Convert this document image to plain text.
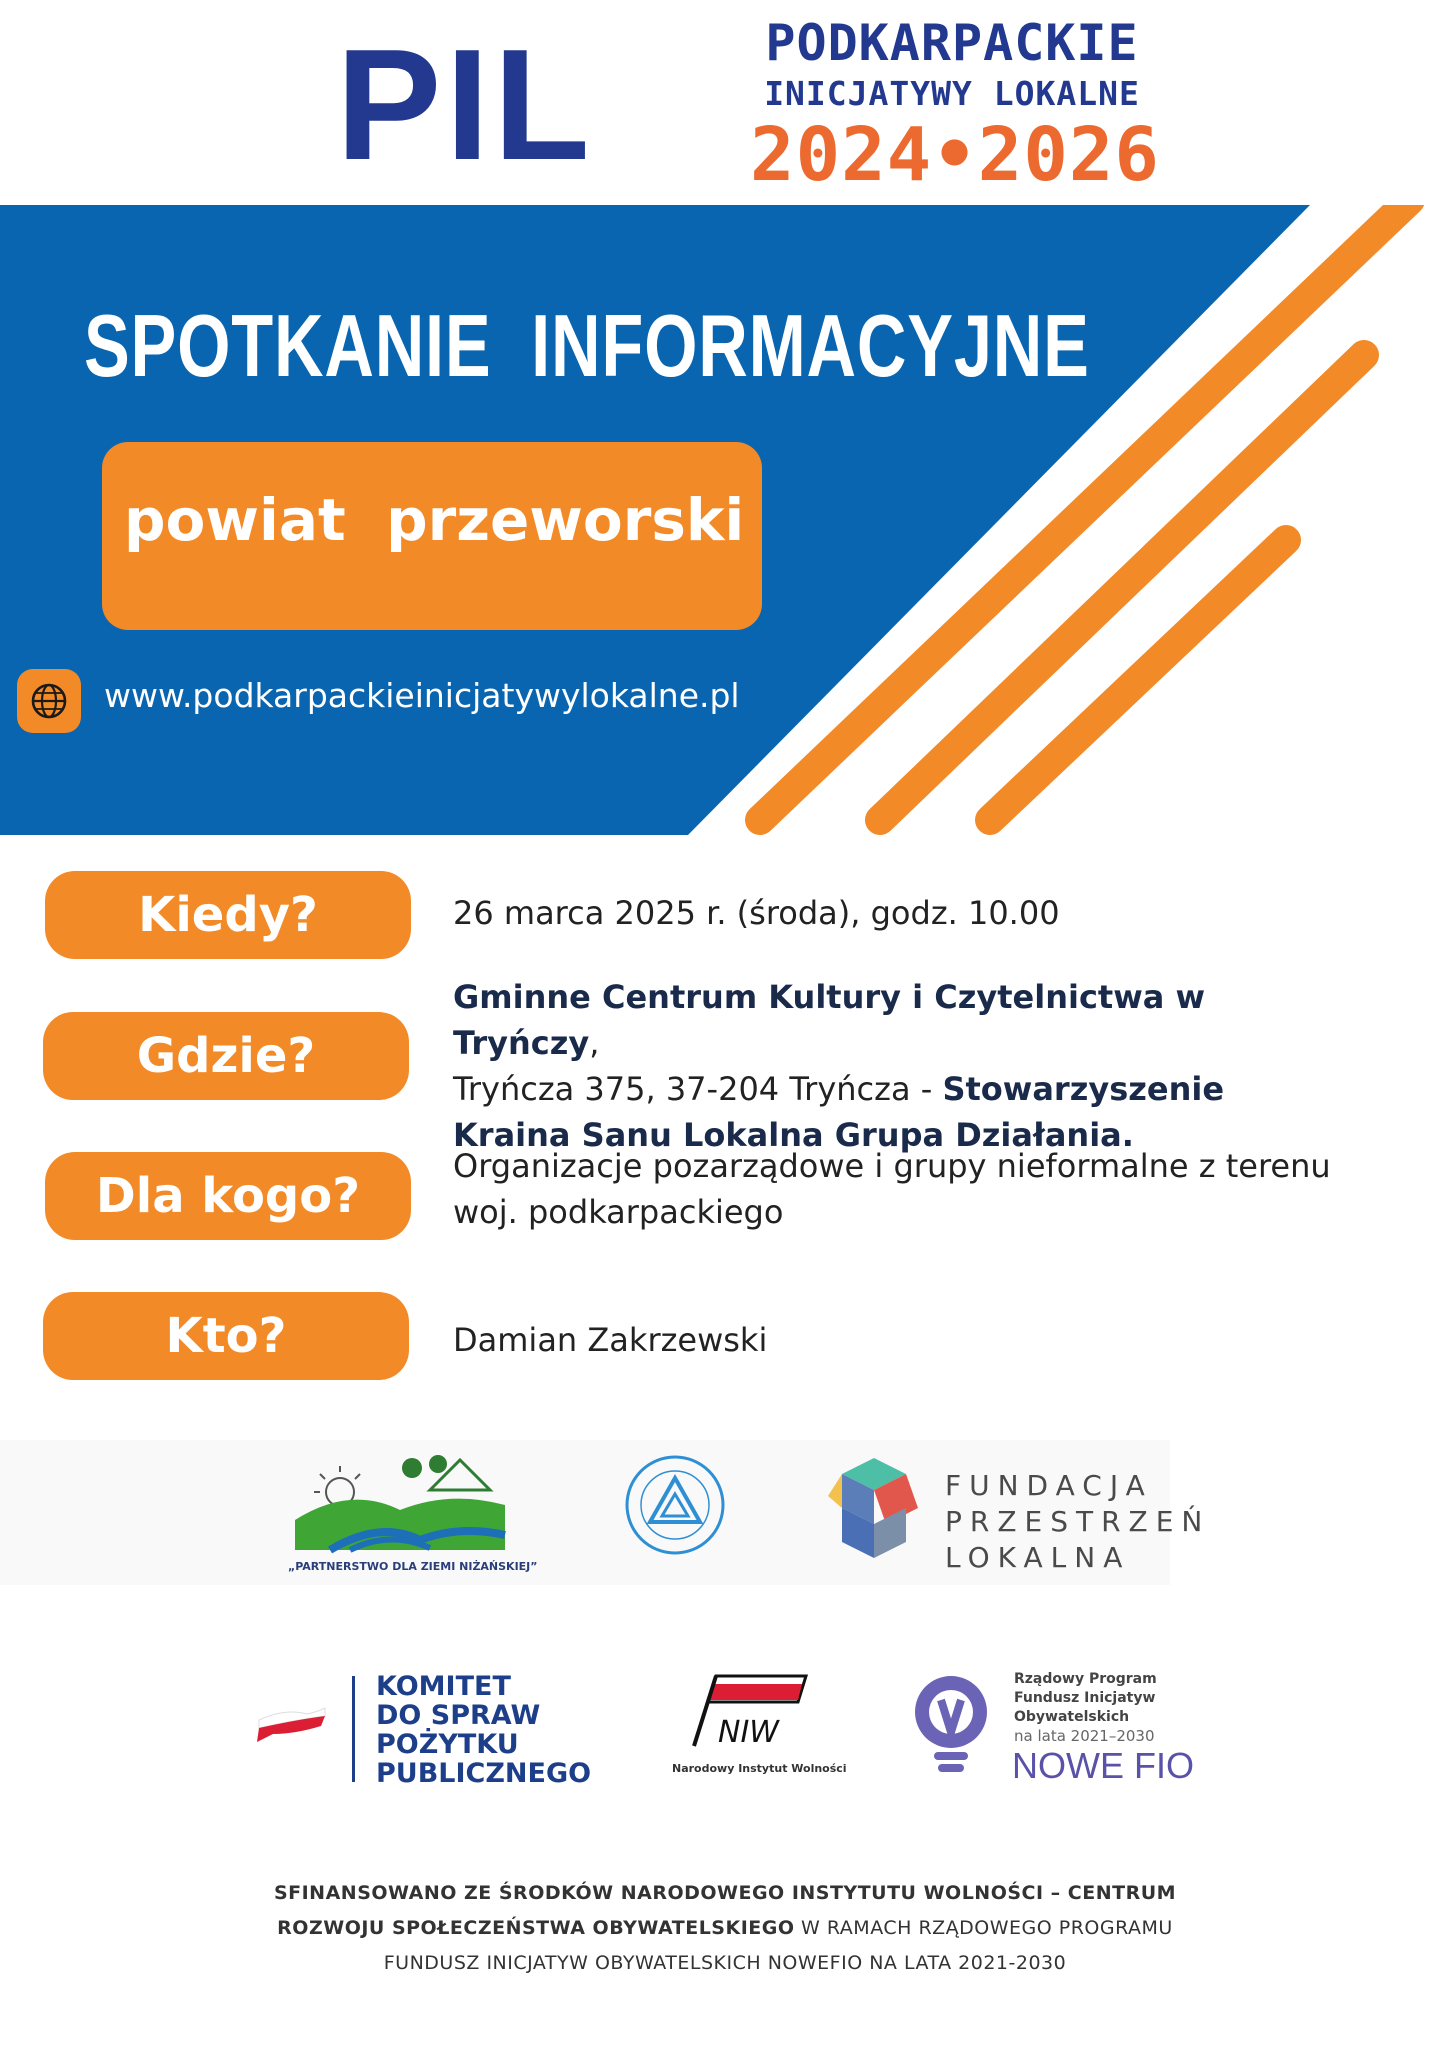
PIL	PODKARPACKIE
INICJATYWY LOKALNE
2024•2026
SPOTKANIE  INFORMACYJNE
powiat  przeworski
www.podkarpackieinicjatywylokalne.pl
Kiedy?	26 marca 2025 r. (środa), godz. 10.00
Gdzie?
Gminne Centrum Kultury i Czytelnictwa w Tryńczy,
Tryńcza 375, 37-204 Tryńcza - Stowarzyszenie Kraina Sanu Lokalna Grupa Działania.
Dla kogo?
Organizacje pozarządowe i grupy nieformalne z terenu woj. podkarpackiego
Kto?	Damian Zakrzewski
„PARTNERSTWO DLA ZIEMI NIŻAŃSKIEJ”
FUNDACJA
PRZESTRZEŃ
LOKALNA
KOMITET
DO SPRAW
POŻYTKU
PUBLICZNEGO
NIW
Narodowy Instytut Wolności
Rządowy Program
Fundusz Inicjatyw
Obywatelskich
na lata 2021–2030
NOWE FIO
SFINANSOWANO ZE ŚRODKÓW NARODOWEGO INSTYTUTU WOLNOŚCI – CENTRUM
ROZWOJU SPOŁECZEŃSTWA OBYWATELSKIEGO W RAMACH RZĄDOWEGO PROGRAMU
FUNDUSZ INICJATYW OBYWATELSKICH NOWEFIO NA LATA 2021-2030
